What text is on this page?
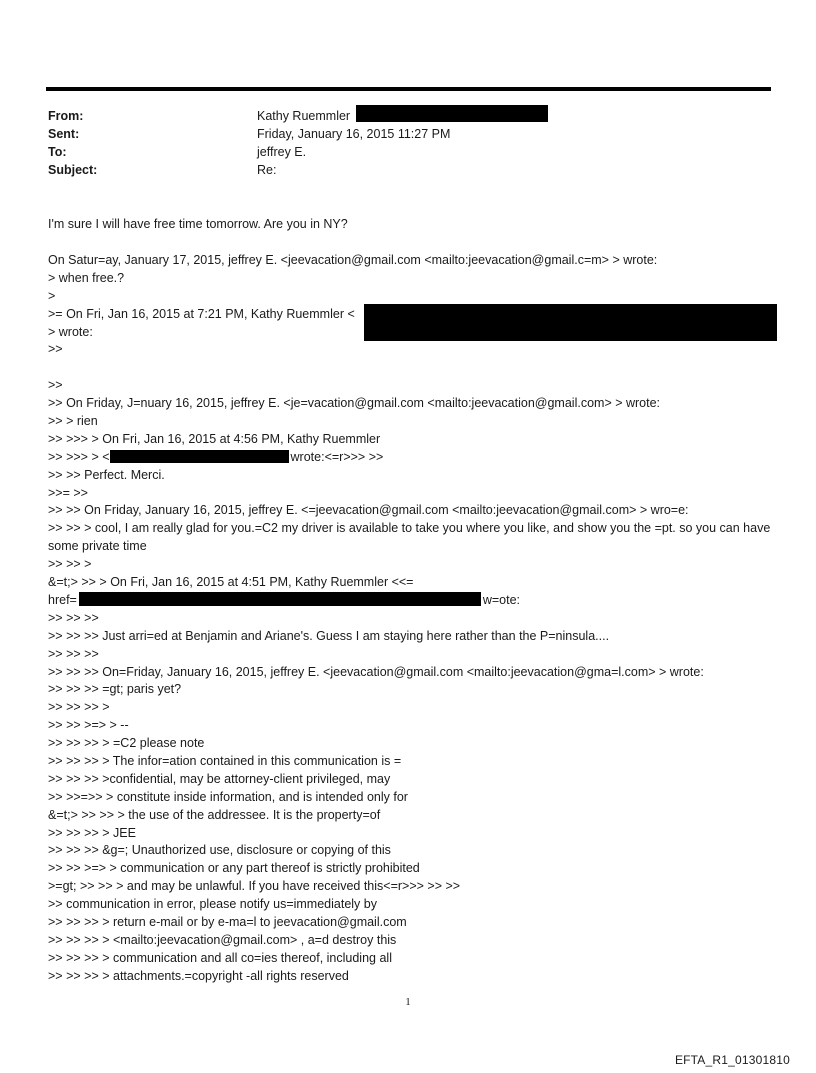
From:	Kathy Ruemmler
Sent:	Friday, January 16, 2015 11:27 PM
To:	jeffrey E.
Subject:	Re:
I'm sure I will have free time tomorrow. Are you in NY?
On Satur=ay, January 17, 2015, jeffrey E. <jeevacation@gmail.com <mailto:jeevacation@gmail.c=m> > wrote:
> when free.?
>
>= On Fri, Jan 16, 2015 at 7:21 PM, Kathy Ruemmler <
> wrote:
>>
>>
>> On Friday, J=nuary 16, 2015, jeffrey E. <je=vacation@gmail.com <mailto:jeevacation@gmail.com> > wrote:
>> > rien
>> >>> > On Fri, Jan 16, 2015 at 4:56 PM, Kathy Ruemmler
>> >>> > <	wrote:<=r>>> >>
>> >> Perfect. Merci.
>>= >>
>> >> On Friday, January 16, 2015, jeffrey E. <=jeevacation@gmail.com <mailto:jeevacation@gmail.com> > wro=e:
>> >> > cool, I am really glad for you.=C2 my driver is available to take you where you like, and show you the =pt. so you can have some private time
>> >> >
&=t;> >> > On Fri, Jan 16, 2015 at 4:51 PM, Kathy Ruemmler <<=
href=	w=ote:
>> >> >>
>> >> >> Just arri=ed at Benjamin and Ariane's. Guess I am staying here rather than the P=ninsula....
>> >> >>
>> >> >> On=Friday, January 16, 2015, jeffrey E. <jeevacation@gmail.com <mailto:jeevacation@gma=l.com> > wrote:
>> >> >> =gt; paris yet?
>> >> >> >
>> >> >=> > --
>> >> >> > =C2 please note
>> >> >> > The infor=ation contained in this communication is =
>> >> >> >confidential, may be attorney-client privileged, may
>> >>=>> > constitute inside information, and is intended only for
&=t;> >> >> > the use of the addressee. It is the property=of
>> >> >> > JEE
>> >> >> &g=; Unauthorized use, disclosure or copying of this
>> >> >=> > communication or any part thereof is strictly prohibited
>=gt; >> >> > and may be unlawful. If you have received this<=r>>> >> >>
>> communication in error, please notify us=immediately by
>> >> >> > return e-mail or by e-ma=l to jeevacation@gmail.com
>> >> >> > <mailto:jeevacation@gmail.com> , a=d destroy this
>> >> >> > communication and all co=ies thereof, including all
>> >> >> > attachments.=copyright -all rights reserved
1
EFTA_R1_01301810
